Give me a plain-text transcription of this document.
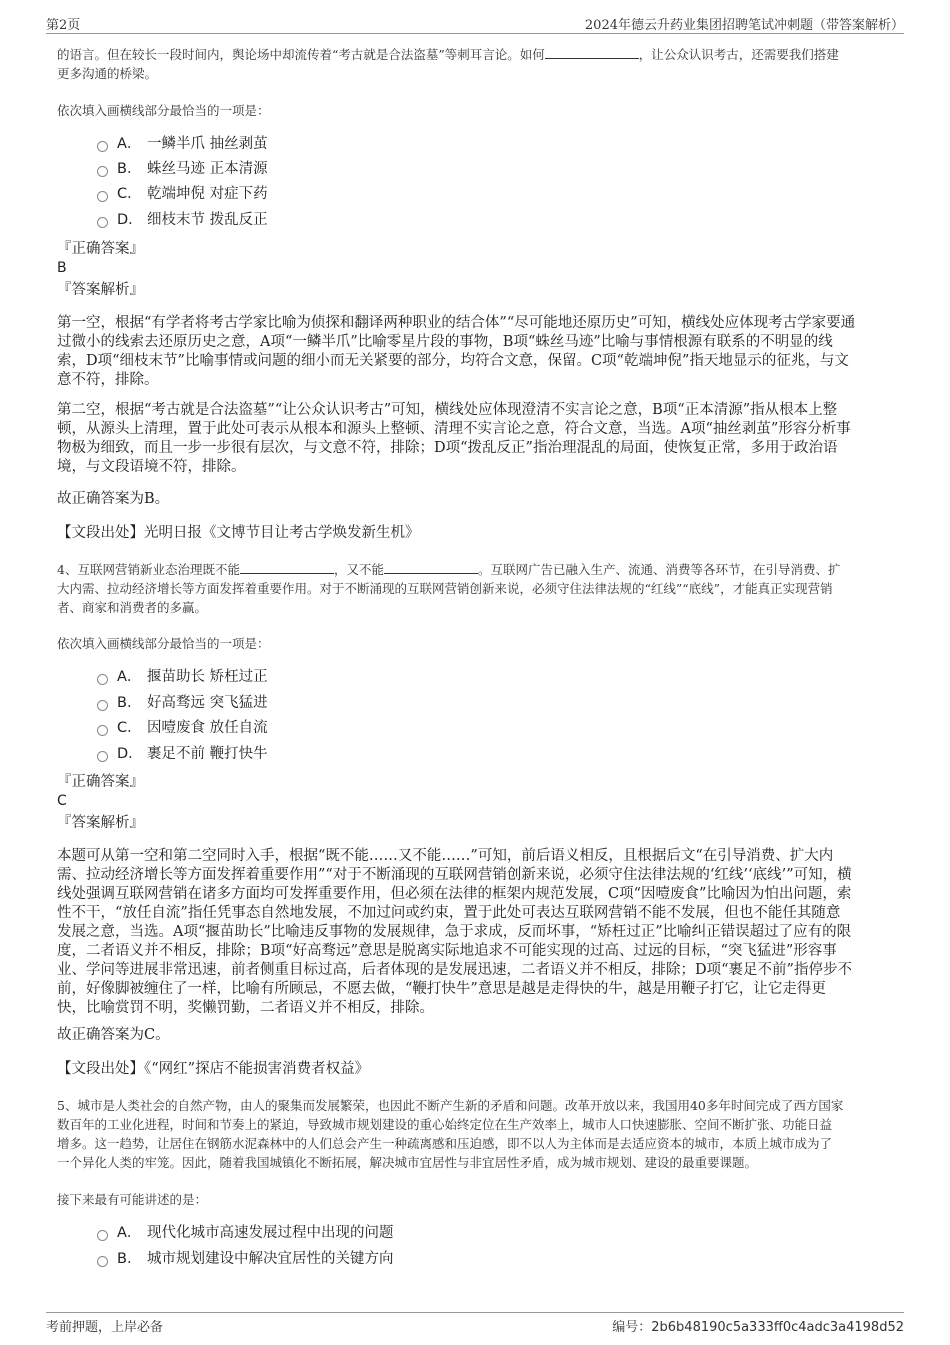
第2页	2024年德云升药业集团招聘笔试冲刺题（带答案解析）
的语言。但在较长一段时间内，舆论场中却流传着“考古就是合法盗墓”等刺耳言论。如何	，让公众认识考古，还需要我们搭建
更多沟通的桥梁。
依次填入画横线部分最恰当的一项是：
A． 一鳞半爪 抽丝剥茧
B． 蛛丝马迹 正本清源
C． 乾端坤倪 对症下药
D． 细枝末节 拨乱反正
『正确答案』
B
『答案解析』
第一空，根据“有学者将考古学家比喻为侦探和翻译两种职业的结合体”“尽可能地还原历史”可知，横线处应体现考古学家要通
过微小的线索去还原历史之意，A项“一鳞半爪”比喻零星片段的事物，B项“蛛丝马迹”比喻与事情根源有联系的不明显的线
索，D项“细枝末节”比喻事情或问题的细小而无关紧要的部分，均符合文意，保留。C项“乾端坤倪”指天地显示的征兆，与文
意不符，排除。
第二空，根据“考古就是合法盗墓”“让公众认识考古”可知，横线处应体现澄清不实言论之意，B项“正本清源”指从根本上整
顿，从源头上清理，置于此处可表示从根本和源头上整顿、清理不实言论之意，符合文意，当选。A项“抽丝剥茧”形容分析事
物极为细致，而且一步一步很有层次，与文意不符，排除；D项“拨乱反正”指治理混乱的局面，使恢复正常，多用于政治语
境，与文段语境不符，排除。
故正确答案为B。
【文段出处】光明日报《文博节目让考古学焕发新生机》
4、互联网营销新业态治理既不能	，又不能	。互联网广告已融入生产、流通、消费等各环节，在引导消费、扩
大内需、拉动经济增长等方面发挥着重要作用。对于不断涌现的互联网营销创新来说，必须守住法律法规的“红线”“底线”，才能真正实现营销
者、商家和消费者的多赢。
依次填入画横线部分最恰当的一项是：
A． 揠苗助长 矫枉过正
B． 好高骛远 突飞猛进
C． 因噎废食 放任自流
D． 裹足不前 鞭打快牛
『正确答案』
C
『答案解析』
本题可从第一空和第二空同时入手，根据“既不能……又不能……”可知，前后语义相反，且根据后文“在引导消费、扩大内
需、拉动经济增长等方面发挥着重要作用”“对于不断涌现的互联网营销创新来说，必须守住法律法规的‘红线’‘底线’”可知，横
线处强调互联网营销在诸多方面均可发挥重要作用，但必须在法律的框架内规范发展，C项“因噎废食”比喻因为怕出问题，索
性不干，“放任自流”指任凭事态自然地发展，不加过问或约束，置于此处可表达互联网营销不能不发展，但也不能任其随意
发展之意，当选。A项“揠苗助长”比喻违反事物的发展规律，急于求成，反而坏事，“矫枉过正”比喻纠正错误超过了应有的限
度，二者语义并不相反，排除；B项“好高骛远”意思是脱离实际地追求不可能实现的过高、过远的目标，“突飞猛进”形容事
业、学问等进展非常迅速，前者侧重目标过高，后者体现的是发展迅速，二者语义并不相反，排除；D项“裹足不前”指停步不
前，好像脚被缠住了一样，比喻有所顾忌，不愿去做，“鞭打快牛”意思是越是走得快的牛，越是用鞭子打它，让它走得更
快，比喻赏罚不明，奖懒罚勤，二者语义并不相反，排除。
故正确答案为C。
【文段出处】《“网红”探店不能损害消费者权益》
5、城市是人类社会的自然产物，由人的聚集而发展繁荣，也因此不断产生新的矛盾和问题。改革开放以来，我国用40多年时间完成了西方国家
数百年的工业化进程，时间和节奏上的紧迫，导致城市规划建设的重心始终定位在生产效率上，城市人口快速膨胀、空间不断扩张、功能日益
增多。这一趋势，让居住在钢筋水泥森林中的人们总会产生一种疏离感和压迫感，即不以人为主体而是去适应资本的城市，本质上城市成为了
一个异化人类的牢笼。因此，随着我国城镇化不断拓展，解决城市宜居性与非宜居性矛盾，成为城市规划、建设的最重要课题。
接下来最有可能讲述的是：
A． 现代化城市高速发展过程中出现的问题
B． 城市规划建设中解决宜居性的关键方向
考前押题，上岸必备	编号：2b6b48190c5a333ff0c4adc3a4198d52
